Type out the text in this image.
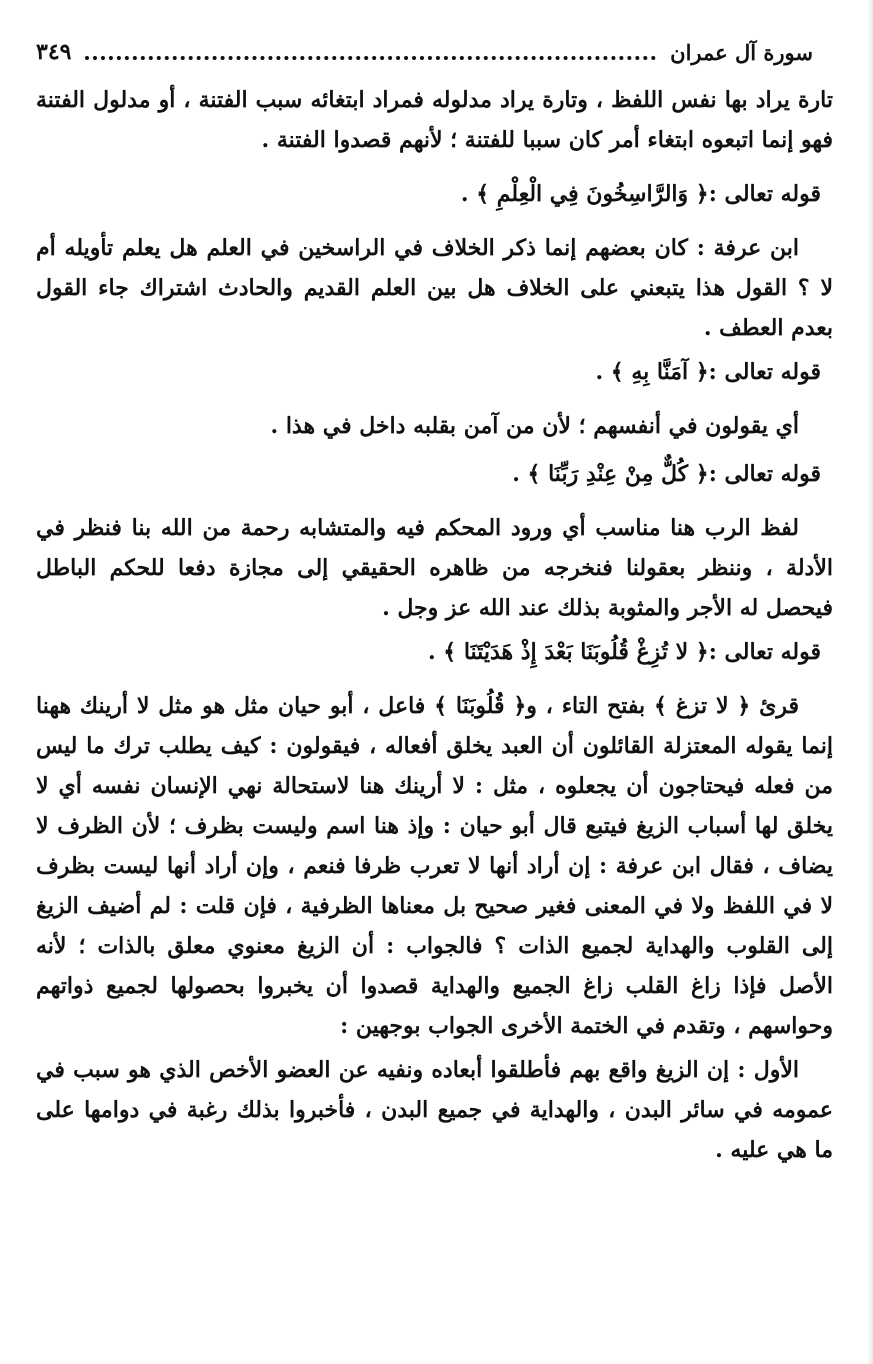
سورة آل عمران
٣٤٩

تارة يراد بها نفس اللفظ ، وتارة يراد مدلوله فمراد ابتغائه سبب الفتنة ، أو مدلول الفتنة فهو إنما اتبعوه ابتغاء أمر كان سببا للفتنة ؛ لأنهم قصدوا الفتنة .

قوله تعالى :﴿ وَالرَّاسِخُونَ فِي الْعِلْمِ ﴾ .

ابن عرفة : كان بعضهم إنما ذكر الخلاف في الراسخين في العلم هل يعلم تأويله أم لا ؟ القول هذا يتبعني على الخلاف هل بين العلم القديم والحادث اشتراك جاء القول بعدم العطف .

قوله تعالى :﴿ آمَنَّا بِهِ ﴾ .

أي يقولون في أنفسهم ؛ لأن من آمن بقلبه داخل في هذا .

قوله تعالى :﴿ كُلٌّ مِنْ عِنْدِ رَبِّنَا ﴾ .

لفظ الرب هنا مناسب أي ورود المحكم فيه والمتشابه رحمة من الله بنا فنظر في الأدلة ، وننظر بعقولنا فنخرجه من ظاهره الحقيقي إلى مجازة دفعا للحكم الباطل فيحصل له الأجر والمثوبة بذلك عند الله عز وجل .

قوله تعالى :﴿ لا تُزِغْ قُلُوبَنَا بَعْدَ إِذْ هَدَيْتَنَا ﴾ .

قرئ ﴿ لا تزغ ﴾ بفتح التاء ، و﴿ قُلُوبَنَا ﴾ فاعل ، أبو حيان مثل هو مثل لا أرينك ههنا إنما يقوله المعتزلة القائلون أن العبد يخلق أفعاله ، فيقولون : كيف يطلب ترك ما ليس من فعله فيحتاجون أن يجعلوه ، مثل : لا أرينك هنا لاستحالة نهي الإنسان نفسه أي لا يخلق لها أسباب الزيغ فيتبع قال أبو حيان : وإذ هنا اسم وليست بظرف ؛ لأن الظرف لا يضاف ، فقال ابن عرفة : إن أراد أنها لا تعرب ظرفا فنعم ، وإن أراد أنها ليست بظرف لا في اللفظ ولا في المعنى فغير صحيح بل معناها الظرفية ، فإن قلت : لم أضيف الزيغ إلى القلوب والهداية لجميع الذات ؟ فالجواب : أن الزيغ معنوي معلق بالذات ؛ لأنه الأصل فإذا زاغ القلب زاغ الجميع والهداية قصدوا أن يخبروا بحصولها لجميع ذواتهم وحواسهم ، وتقدم في الختمة الأخرى الجواب بوجهين :

الأول : إن الزيغ واقع بهم فأطلقوا أبعاده ونفيه عن العضو الأخص الذي هو سبب في عمومه في سائر البدن ، والهداية في جميع البدن ، فأخبروا بذلك رغبة في دوامها على ما هي عليه .
